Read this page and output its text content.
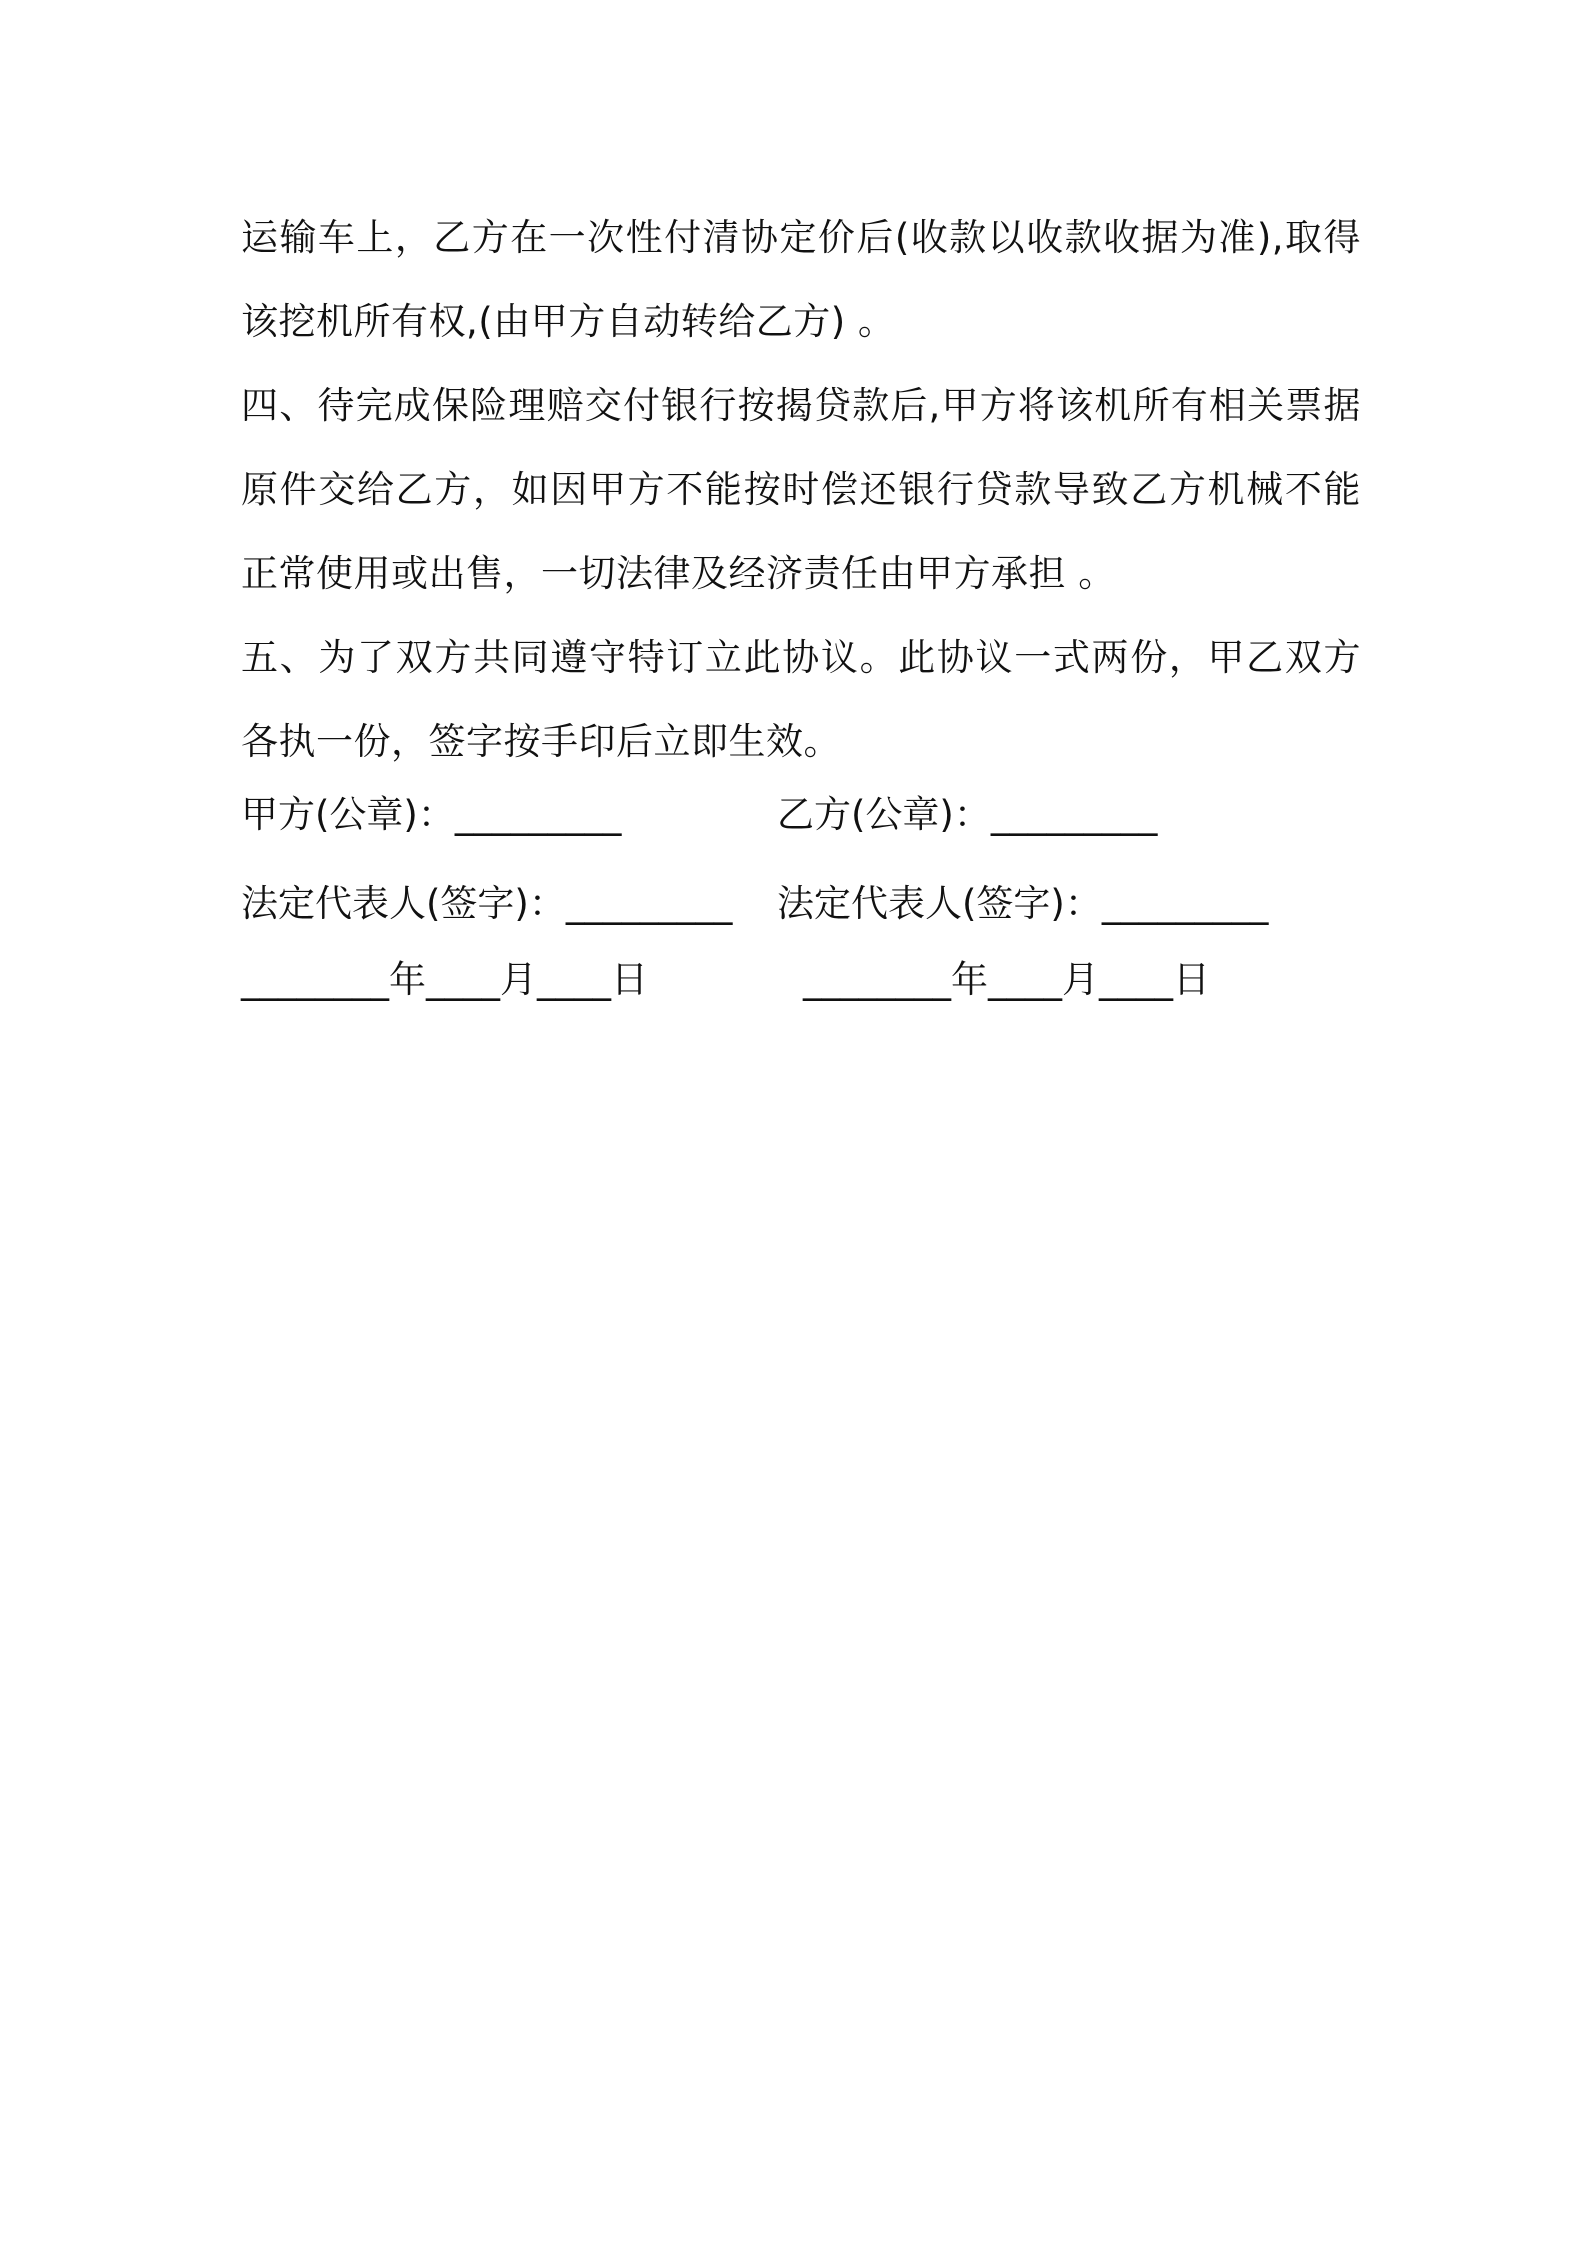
运输车上，乙方在一次性付清协定价后(收款以收款收据为准),取得该挖机所有权,(由甲方自动转给乙方) 。

四、待完成保险理赔交付银行按揭贷款后,甲方将该机所有相关票据原件交给乙方，如因甲方不能按时偿还银行贷款导致乙方机械不能正常使用或出售，一切法律及经济责任由甲方承担 。

五、为了双方共同遵守特订立此协议。此协议一式两份，甲乙双方各执一份，签字按手印后立即生效。

甲方(公章)：_________	乙方(公章)：_________
法定代表人(签字)：_________ 法定代表人(签字)：_________
________年____月____日	________年____月____日
